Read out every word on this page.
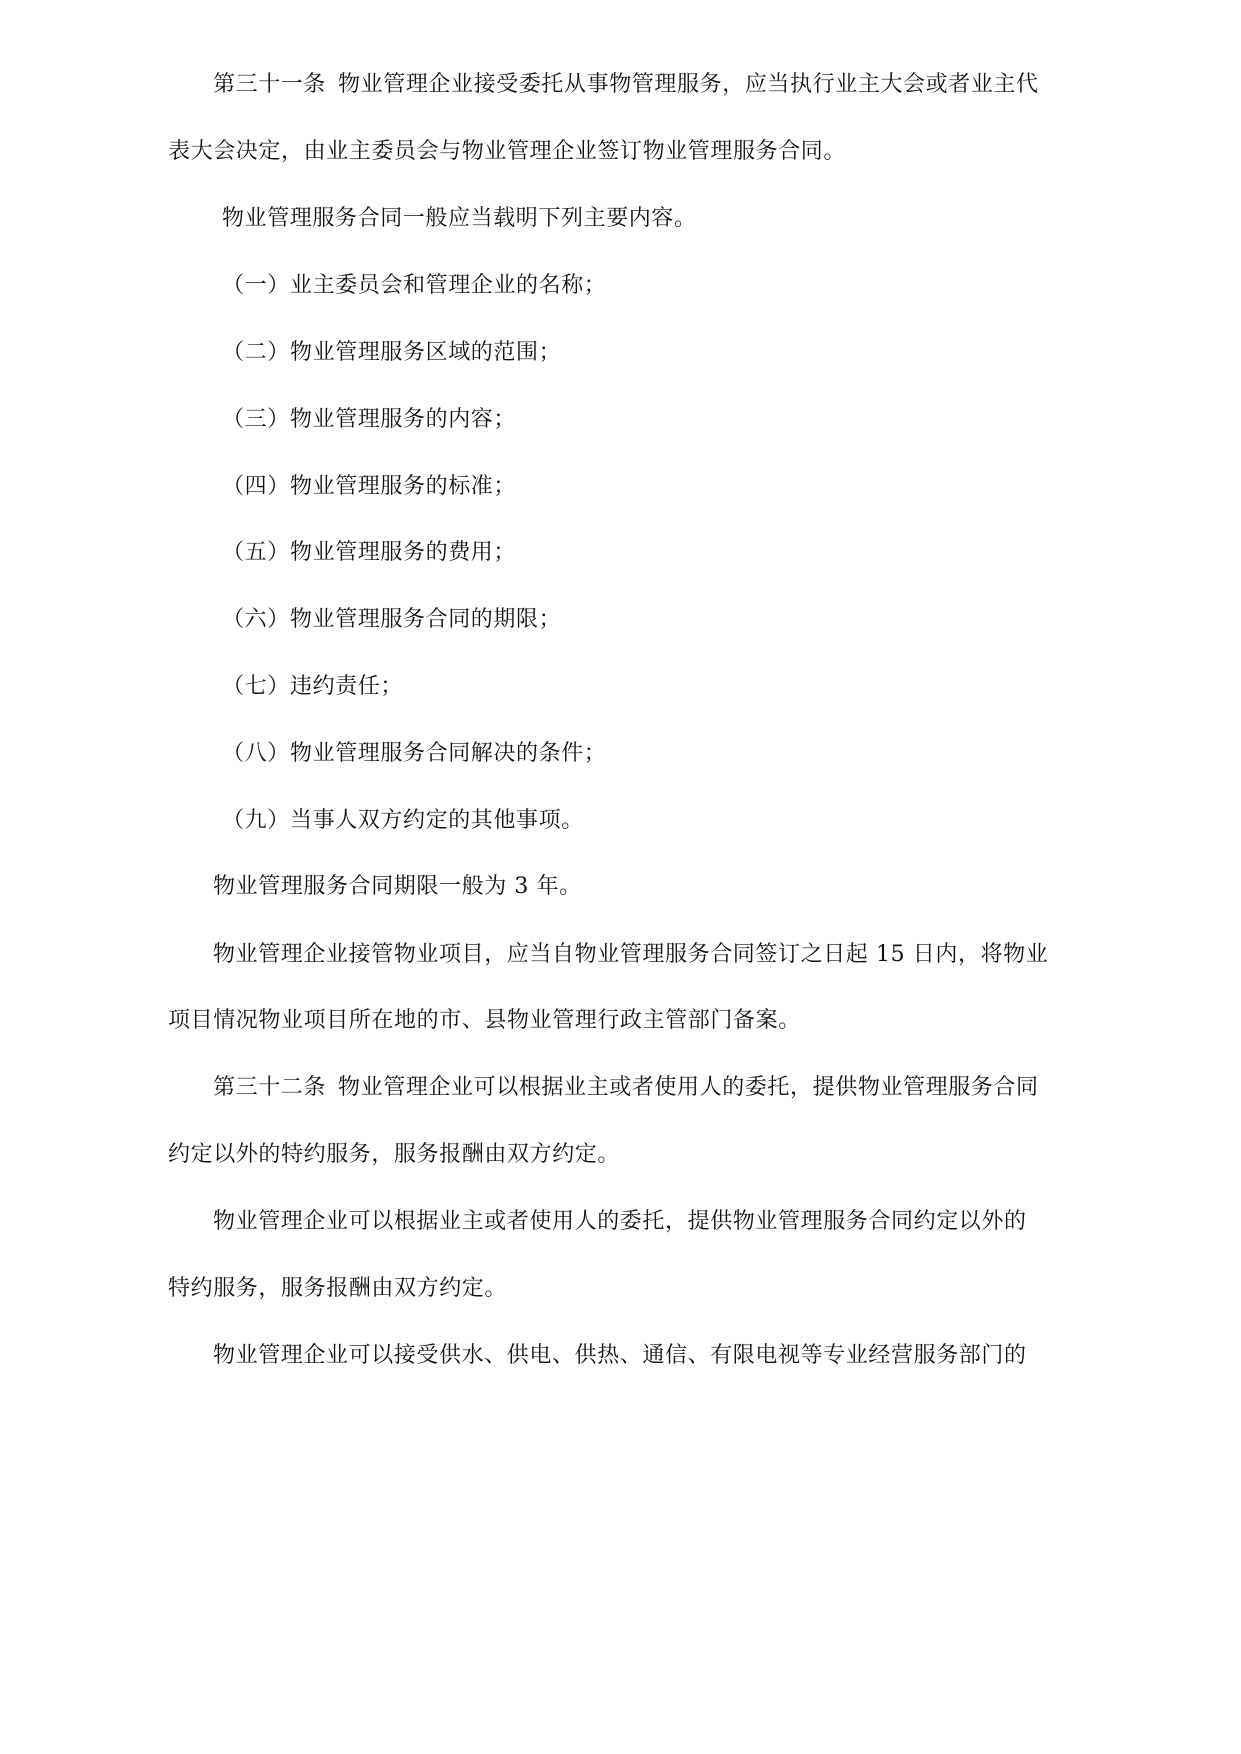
第三十一条 物业管理企业接受委托从事物管理服务，应当执行业主大会或者业主代
表大会决定，由业主委员会与物业管理企业签订物业管理服务合同。
物业管理服务合同一般应当载明下列主要内容。
（一） 业主委员会和管理企业的名称；
（二） 物业管理服务区域的范围；
（三） 物业管理服务的内容；
（四） 物业管理服务的标准；
（五） 物业管理服务的费用；
（六） 物业管理服务合同的期限；
（七） 违约责任；
（八） 物业管理服务合同解决的条件；
（九） 当事人双方约定的其他事项。
物业管理服务合同期限一般为 3 年。
物业管理企业接管物业项目，应当自物业管理服务合同签订之日起 15 日内，将物业
项目情况物业项目所在地的市、县物业管理行政主管部门备案。
第三十二条 物业管理企业可以根据业主或者使用人的委托，提供物业管理服务合同
约定以外的特约服务，服务报酬由双方约定。
物业管理企业可以根据业主或者使用人的委托，提供物业管理服务合同约定以外的
特约服务，服务报酬由双方约定。
物业管理企业可以接受供水、供电、供热、通信、有限电视等专业经营服务部门的
